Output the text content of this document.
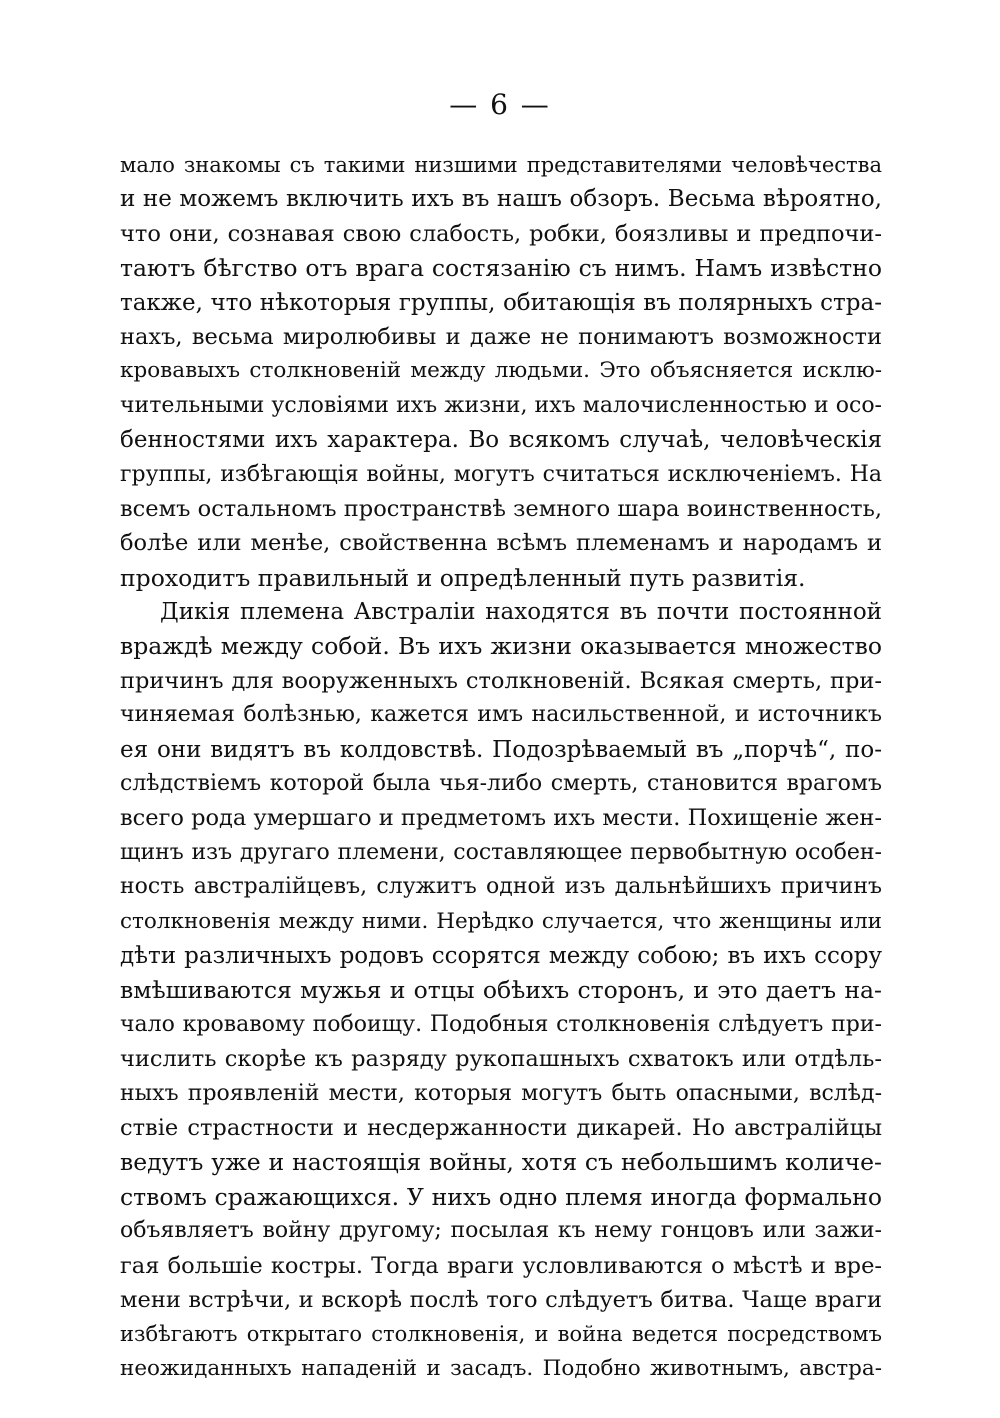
— 6 —
мало знакомы съ такими низшими представителями человѣчества
и не можемъ включить ихъ въ нашъ обзоръ. Весьма вѣроятно,
что они, сознавая свою слабость, робки, боязливы и предпочи-
таютъ бѣгство отъ врага состязанію съ нимъ. Намъ извѣстно
также, что нѣкоторыя группы, обитающія въ полярныхъ стра-
нахъ, весьма миролюбивы и даже не понимаютъ возможности
кровавыхъ столкновеній между людьми. Это объясняется исклю-
чительными условіями ихъ жизни, ихъ малочисленностью и осо-
бенностями ихъ характера. Во всякомъ случаѣ, человѣческія
группы, избѣгающія войны, могутъ считаться исключеніемъ. На
всемъ остальномъ пространствѣ земного шара воинственность,
болѣе или менѣе, свойственна всѣмъ племенамъ и народамъ и
проходитъ правильный и опредѣленный путь развитія.
Дикія племена Австраліи находятся въ почти постоянной
враждѣ между собой. Въ ихъ жизни оказывается множество
причинъ для вооруженныхъ столкновеній. Всякая смерть, при-
чиняемая болѣзнью, кажется имъ насильственной, и источникъ
ея они видятъ въ колдовствѣ. Подозрѣваемый въ „порчѣ“, по-
слѣдствіемъ которой была чья-либо смерть, становится врагомъ
всего рода умершаго и предметомъ ихъ мести. Похищеніе жен-
щинъ изъ другаго племени, составляющее первобытную особен-
ность австралійцевъ, служитъ одной изъ дальнѣйшихъ причинъ
столкновенія между ними. Нерѣдко случается, что женщины или
дѣти различныхъ родовъ ссорятся между собою; въ ихъ ссору
вмѣшиваются мужья и отцы обѣихъ сторонъ, и это даетъ на-
чало кровавому побоищу. Подобныя столкновенія слѣдуетъ при-
числить скорѣе къ разряду рукопашныхъ схватокъ или отдѣль-
ныхъ проявленій мести, которыя могутъ быть опасными, вслѣд-
ствіе страстности и несдержанности дикарей. Но австралійцы
ведутъ уже и настоящія войны, хотя съ небольшимъ количе-
ствомъ сражающихся. У нихъ одно племя иногда формально
объявляетъ войну другому; посылая къ нему гонцовъ или зажи-
гая большіе костры. Тогда враги условливаются о мѣстѣ и вре-
мени встрѣчи, и вскорѣ послѣ того слѣдуетъ битва. Чаще враги
избѣгаютъ открытаго столкновенія, и война ведется посредствомъ
неожиданныхъ нападеній и засадъ. Подобно животнымъ, австра-
